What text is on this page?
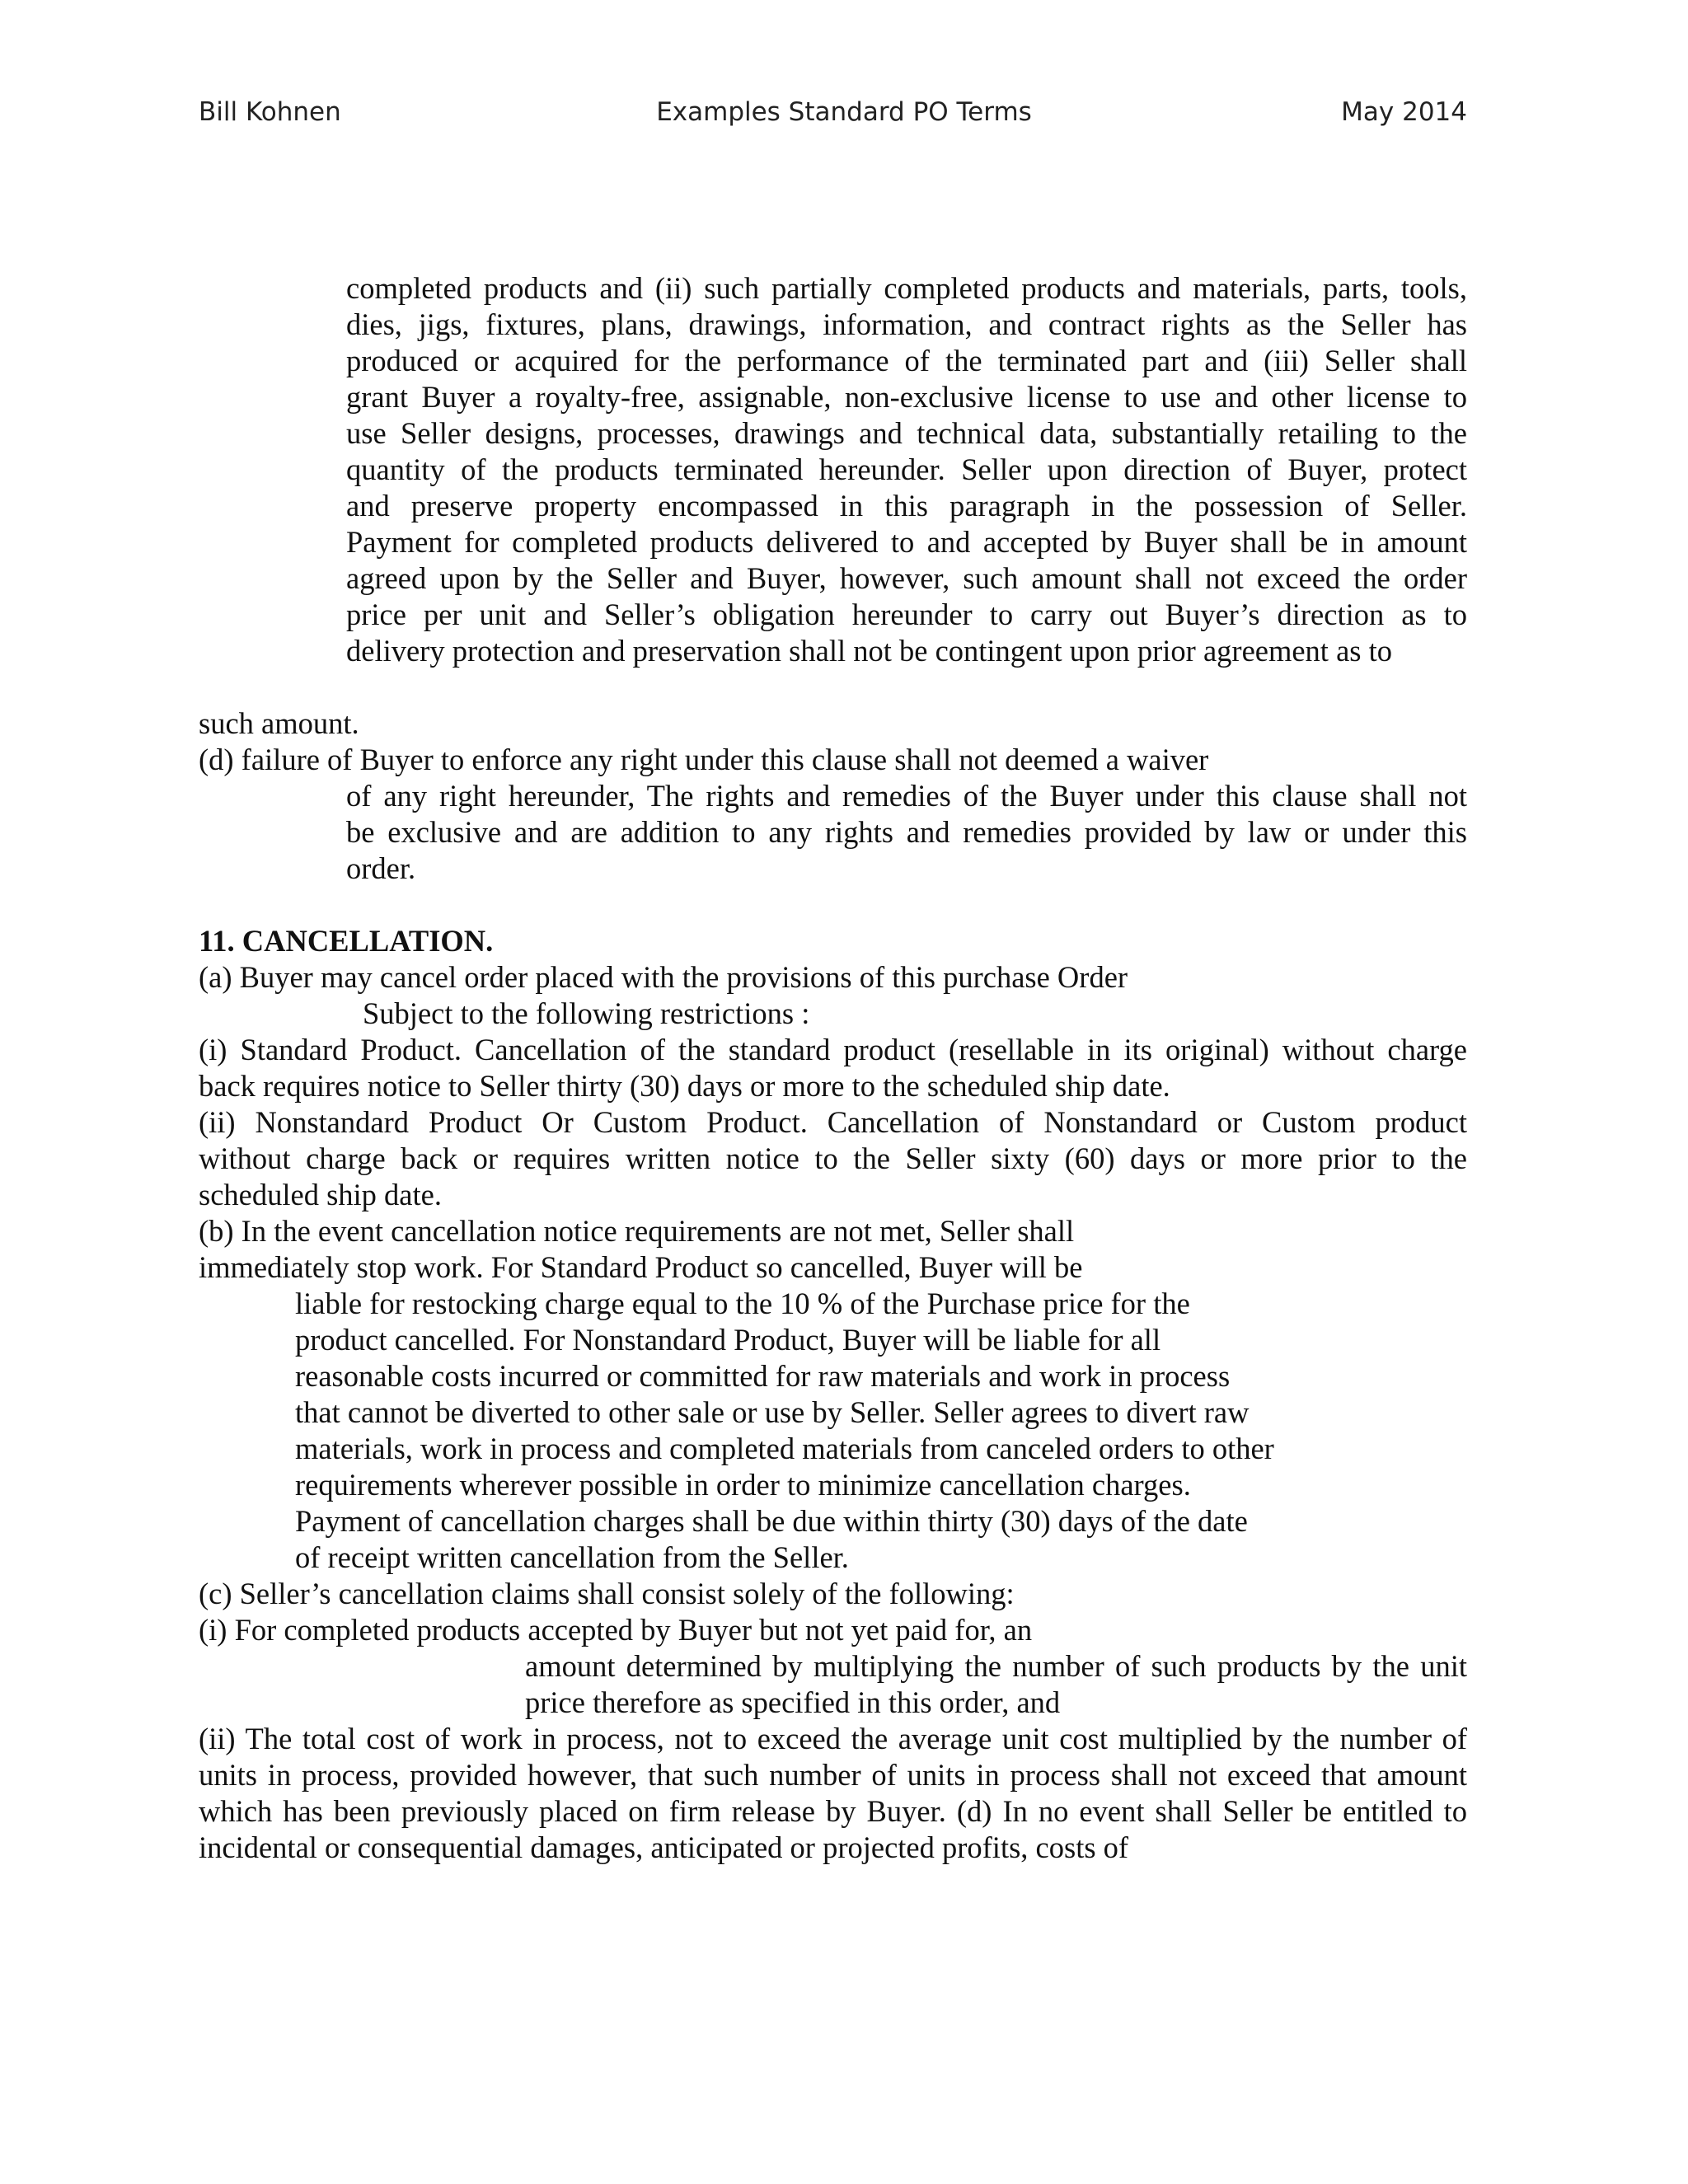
Bill Kohnen	Examples Standard PO Terms	May 2014

completed products and (ii) such partially completed products and materials, parts, tools,

dies, jigs, fixtures, plans, drawings, information, and contract rights as the Seller has

produced or acquired for the performance of the terminated part and (iii) Seller shall

grant Buyer a royalty-free, assignable, non-exclusive license to use and other license to

use Seller designs, processes, drawings and technical data, substantially retailing to the

quantity of the products terminated hereunder. Seller upon direction of Buyer, protect

and preserve property encompassed in this paragraph in the possession of Seller.

Payment for completed products delivered to and accepted by Buyer shall be in amount

agreed upon by the Seller and Buyer, however, such amount shall not exceed the order

price per unit and Seller’s obligation hereunder to carry out Buyer’s direction as to

delivery protection and preservation shall not be contingent upon prior agreement as to

such amount.

(d) failure of Buyer to enforce any right under this clause shall not deemed a waiver

of any right hereunder, The rights and remedies of the Buyer under this clause shall not

be exclusive and are addition to any rights and remedies provided by law or under this

order.

11. CANCELLATION.

(a) Buyer may cancel order placed with the provisions of this purchase Order

Subject to the following restrictions :

(i) Standard Product. Cancellation of the standard product (resellable in its original) without charge

back requires notice to Seller thirty (30) days or more to the scheduled ship date.

(ii) Nonstandard Product Or Custom Product. Cancellation of Nonstandard or Custom product

without charge back or requires written notice to the Seller sixty (60) days or more prior to the

scheduled ship date.

(b) In the event cancellation notice requirements are not met, Seller shall

immediately stop work. For Standard Product so cancelled, Buyer will be

liable for restocking charge equal to the 10 % of the Purchase price for the

product cancelled. For Nonstandard Product, Buyer will be liable for all

reasonable costs incurred or committed for raw materials and work in process

that cannot be diverted to other sale or use by Seller. Seller agrees to divert raw

materials, work in process and completed materials from canceled orders to other

requirements wherever possible in order to minimize cancellation charges.

Payment of cancellation charges shall be due within thirty (30) days of the date

of receipt written cancellation from the Seller.

(c) Seller’s cancellation claims shall consist solely of the following:

(i) For completed products accepted by Buyer but not yet paid for, an

amount determined by multiplying the number of such products by the unit

price therefore as specified in this order, and

(ii) The total cost of work in process, not to exceed the average unit cost multiplied by the number of

units in process, provided however, that such number of units in process shall not exceed that amount

which has been previously placed on firm release by Buyer. (d) In no event shall Seller be entitled to

incidental or consequential damages, anticipated or projected profits, costs of
